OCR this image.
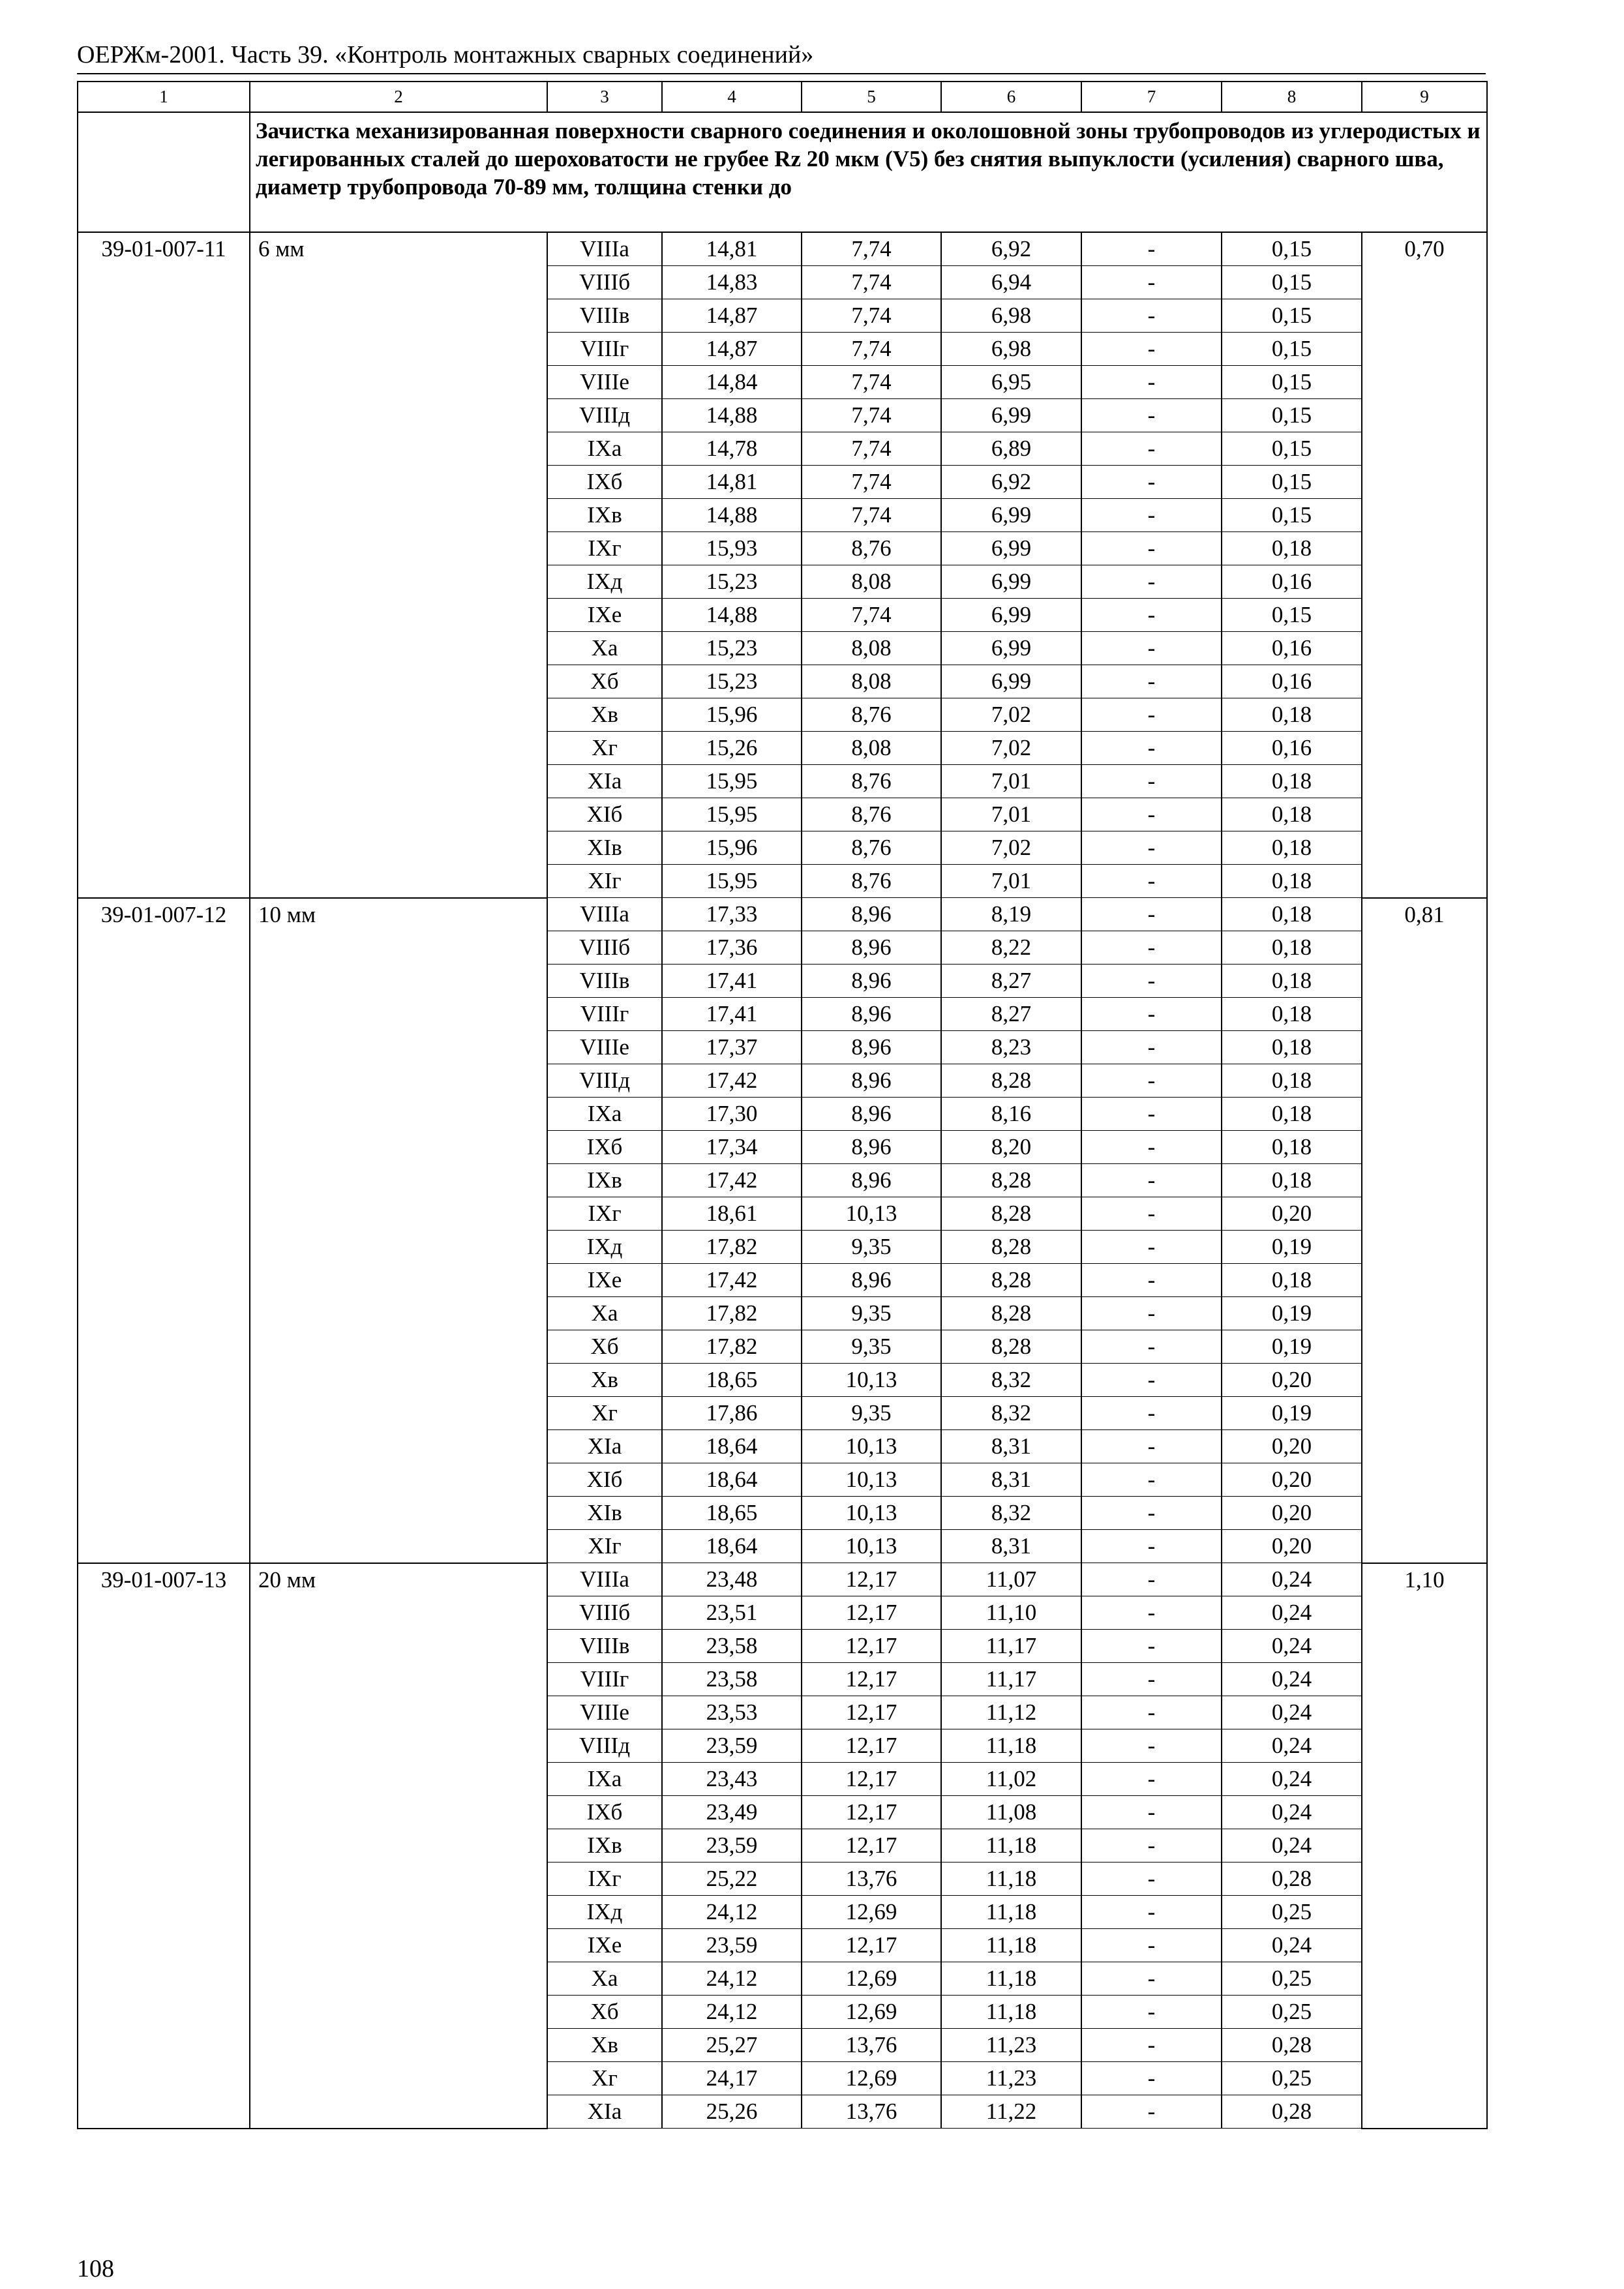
ОЕРЖм-2001. Часть 39. «Контроль монтажных сварных соединений»
1	2	3	4	5	6	7	8	9
	Зачистка механизированная поверхности сварного соединения и околошовной зоны трубопроводов из углеродистых и легированных сталей до шероховатости не грубее Rz 20 мкм (V5) без снятия выпуклости (усиления) сварного шва, диаметр трубопровода 70-89 мм, толщина стенки до							
39-01-007-11	6 мм	VIIIа	14,81	7,74	6,92	-	0,15	0,70
		VIIIб	14,83	7,74	6,94	-	0,15	
		VIIIв	14,87	7,74	6,98	-	0,15	
		VIIIг	14,87	7,74	6,98	-	0,15	
		VIIIе	14,84	7,74	6,95	-	0,15	
		VIIIд	14,88	7,74	6,99	-	0,15	
		IXа	14,78	7,74	6,89	-	0,15	
		IXб	14,81	7,74	6,92	-	0,15	
		IXв	14,88	7,74	6,99	-	0,15	
		IXг	15,93	8,76	6,99	-	0,18	
		IXд	15,23	8,08	6,99	-	0,16	
		IXе	14,88	7,74	6,99	-	0,15	
		Xа	15,23	8,08	6,99	-	0,16	
		Xб	15,23	8,08	6,99	-	0,16	
		Xв	15,96	8,76	7,02	-	0,18	
		Xг	15,26	8,08	7,02	-	0,16	
		XIа	15,95	8,76	7,01	-	0,18	
		XIб	15,95	8,76	7,01	-	0,18	
		XIв	15,96	8,76	7,02	-	0,18	
		XIг	15,95	8,76	7,01	-	0,18	
39-01-007-12	10 мм	VIIIа	17,33	8,96	8,19	-	0,18	0,81
		VIIIб	17,36	8,96	8,22	-	0,18	
		VIIIв	17,41	8,96	8,27	-	0,18	
		VIIIг	17,41	8,96	8,27	-	0,18	
		VIIIе	17,37	8,96	8,23	-	0,18	
		VIIIд	17,42	8,96	8,28	-	0,18	
		IXа	17,30	8,96	8,16	-	0,18	
		IXб	17,34	8,96	8,20	-	0,18	
		IXв	17,42	8,96	8,28	-	0,18	
		IXг	18,61	10,13	8,28	-	0,20	
		IXд	17,82	9,35	8,28	-	0,19	
		IXе	17,42	8,96	8,28	-	0,18	
		Xа	17,82	9,35	8,28	-	0,19	
		Xб	17,82	9,35	8,28	-	0,19	
		Xв	18,65	10,13	8,32	-	0,20	
		Xг	17,86	9,35	8,32	-	0,19	
		XIа	18,64	10,13	8,31	-	0,20	
		XIб	18,64	10,13	8,31	-	0,20	
		XIв	18,65	10,13	8,32	-	0,20	
		XIг	18,64	10,13	8,31	-	0,20	
39-01-007-13	20 мм	VIIIа	23,48	12,17	11,07	-	0,24	1,10
		VIIIб	23,51	12,17	11,10	-	0,24	
		VIIIв	23,58	12,17	11,17	-	0,24	
		VIIIг	23,58	12,17	11,17	-	0,24	
		VIIIе	23,53	12,17	11,12	-	0,24	
		VIIIд	23,59	12,17	11,18	-	0,24	
		IXа	23,43	12,17	11,02	-	0,24	
		IXб	23,49	12,17	11,08	-	0,24	
		IXв	23,59	12,17	11,18	-	0,24	
		IXг	25,22	13,76	11,18	-	0,28	
		IXд	24,12	12,69	11,18	-	0,25	
		IXе	23,59	12,17	11,18	-	0,24	
		Xа	24,12	12,69	11,18	-	0,25	
		Xб	24,12	12,69	11,18	-	0,25	
		Xв	25,27	13,76	11,23	-	0,28	
		Xг	24,17	12,69	11,23	-	0,25	
		XIа	25,26	13,76	11,22	-	0,28	
108
